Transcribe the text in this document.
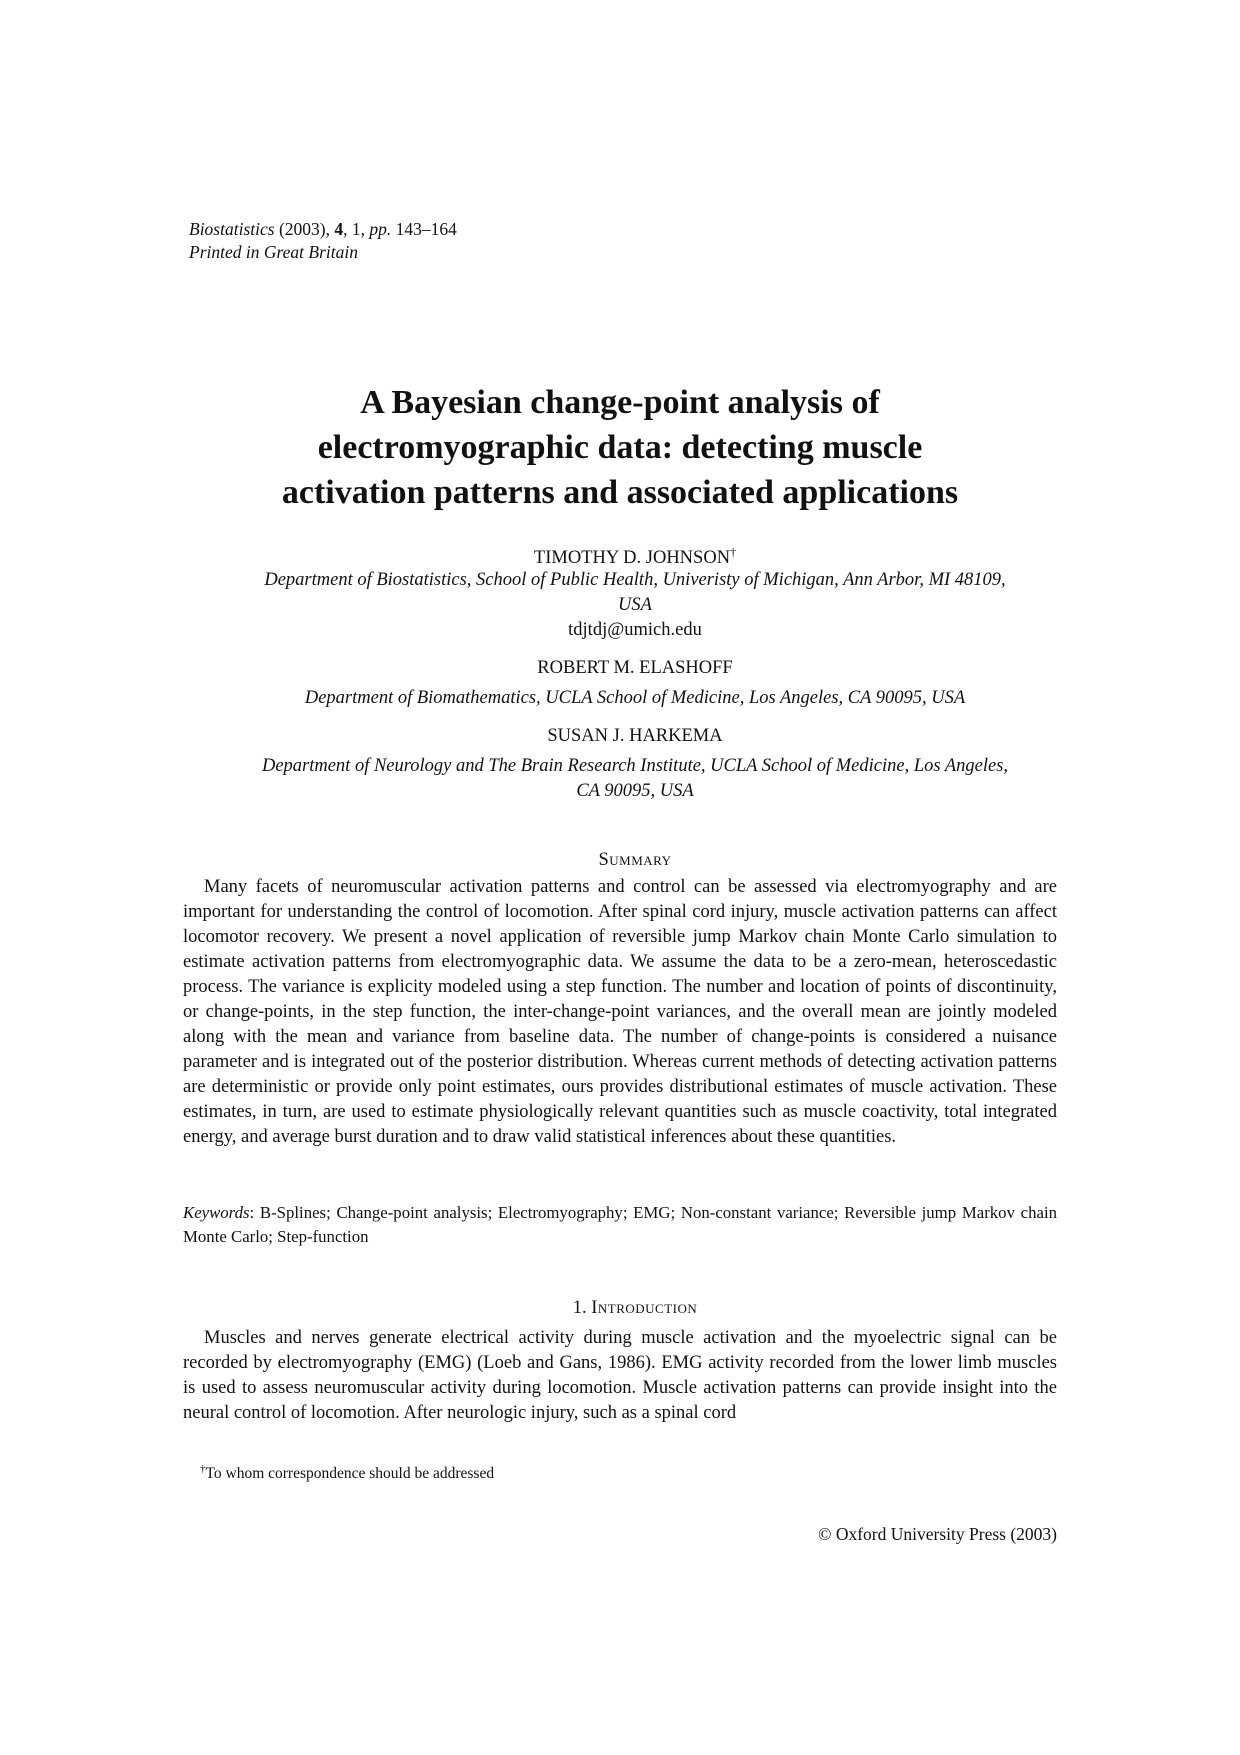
Biostatistics (2003), 4, 1, pp. 143–164
Printed in Great Britain
A Bayesian change-point analysis of
electromyographic data: detecting muscle
activation patterns and associated applications
TIMOTHY D. JOHNSON†
Department of Biostatistics, School of Public Health, Univeristy of Michigan, Ann Arbor, MI 48109,
USA
tdjtdj@umich.edu
ROBERT M. ELASHOFF
Department of Biomathematics, UCLA School of Medicine, Los Angeles, CA 90095, USA
SUSAN J. HARKEMA
Department of Neurology and The Brain Research Institute, UCLA School of Medicine, Los Angeles,
CA 90095, USA
Summary
Many facets of neuromuscular activation patterns and control can be assessed via electromyography and are important for understanding the control of locomotion. After spinal cord injury, muscle activation patterns can affect locomotor recovery. We present a novel application of reversible jump Markov chain Monte Carlo simulation to estimate activation patterns from electromyographic data. We assume the data to be a zero-mean, heteroscedastic process. The variance is explicity modeled using a step function. The number and location of points of discontinuity, or change-points, in the step function, the inter-change-point variances, and the overall mean are jointly modeled along with the mean and variance from baseline data. The number of change-points is considered a nuisance parameter and is integrated out of the posterior distribution. Whereas current methods of detecting activation patterns are deterministic or provide only point estimates, ours provides distributional estimates of muscle activation. These estimates, in turn, are used to estimate physiologically relevant quantities such as muscle coactivity, total integrated energy, and average burst duration and to draw valid statistical inferences about these quantities.
Keywords: B-Splines; Change-point analysis; Electromyography; EMG; Non-constant variance; Reversible jump Markov chain Monte Carlo; Step-function
1. Introduction
Muscles and nerves generate electrical activity during muscle activation and the myoelectric signal can be recorded by electromyography (EMG) (Loeb and Gans, 1986). EMG activity recorded from the lower limb muscles is used to assess neuromuscular activity during locomotion. Muscle activation patterns can provide insight into the neural control of locomotion. After neurologic injury, such as a spinal cord
†To whom correspondence should be addressed
© Oxford University Press (2003)
